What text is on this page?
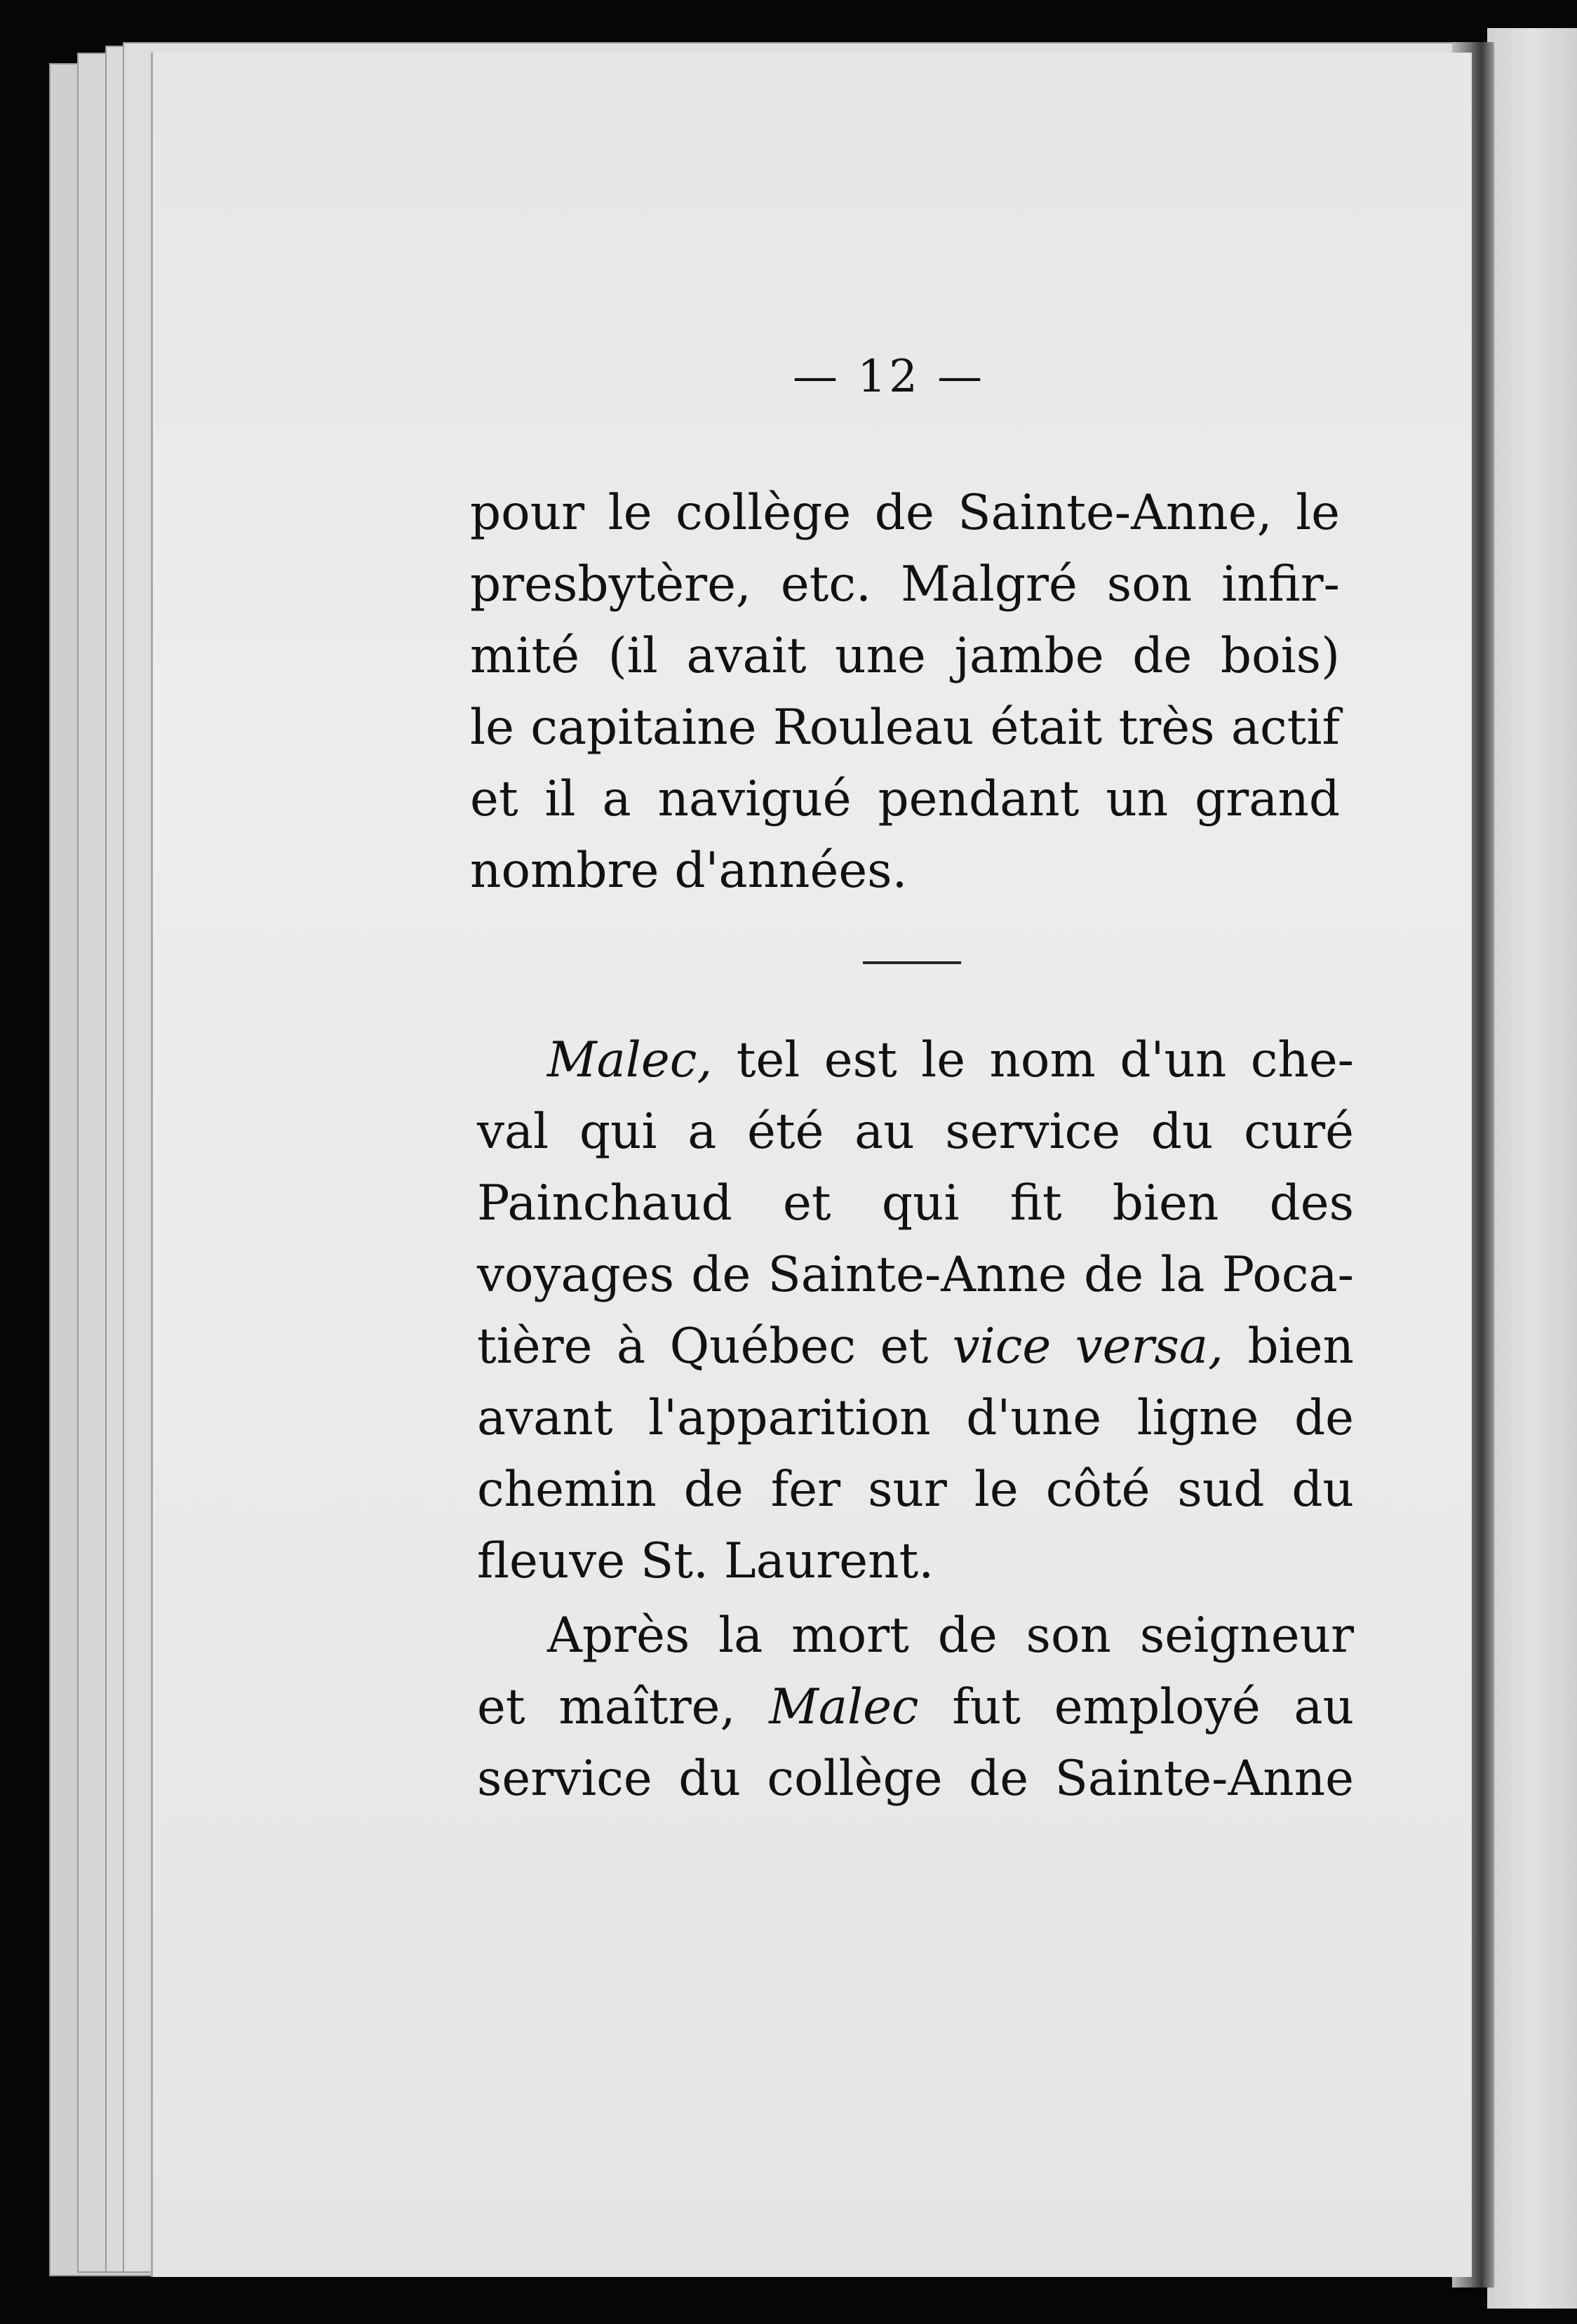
— 12 —
pour le collège de Sainte-Anne, le
presbytère, etc. Malgré son infir-
mité (il avait une jambe de bois)
le capitaine Rouleau était très actif
et il a navigué pendant un grand
nombre d'années.
Malec, tel est le nom d'un che-
val qui a été au service du curé
Painchaud et qui fit bien des
voyages de Sainte-Anne de la Poca-
tière à Québec et vice versa, bien
avant l'apparition d'une ligne de
chemin de fer sur le côté sud du
fleuve St. Laurent.
Après la mort de son seigneur
et maître, Malec fut employé au
service du collège de Sainte-Anne
